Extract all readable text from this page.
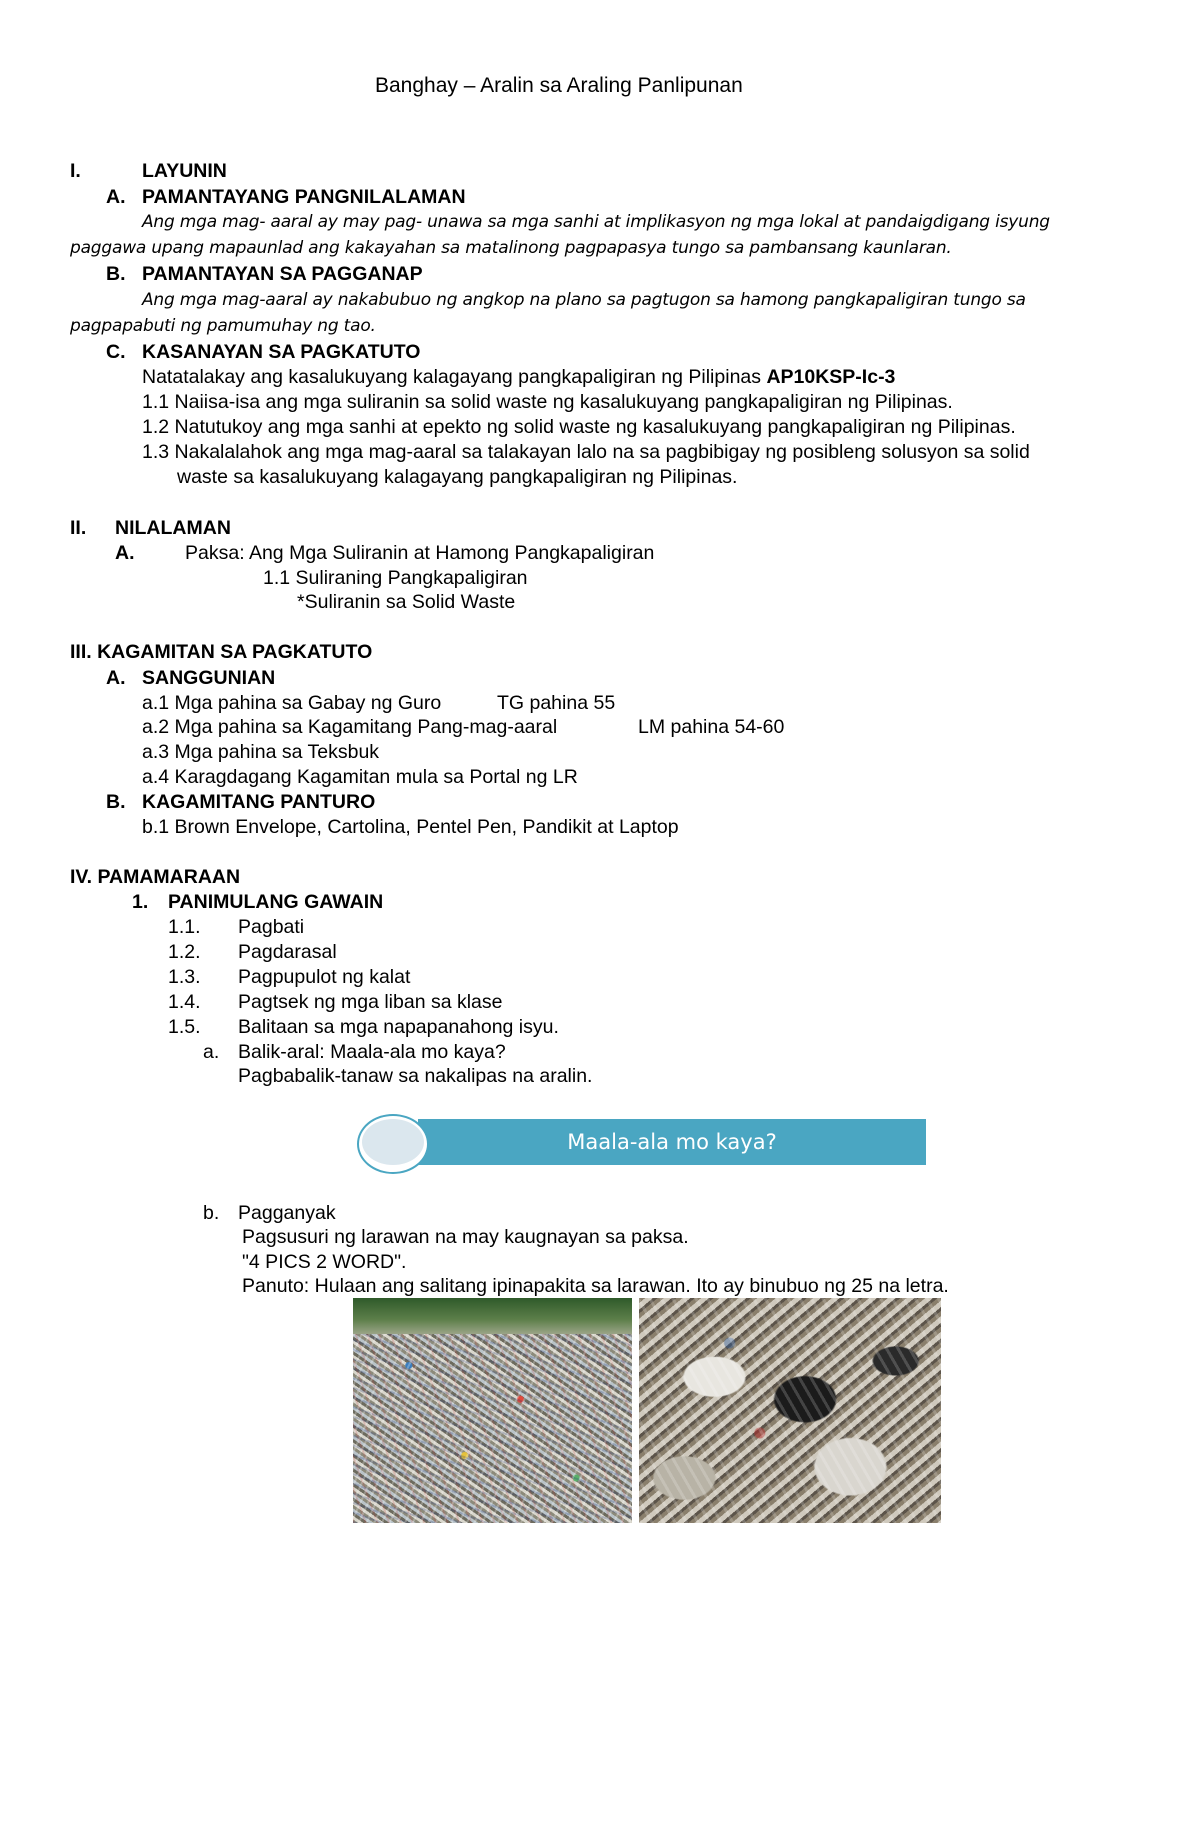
Banghay – Aralin sa Araling Panlipunan
I.	LAYUNIN
A. PAMANTAYANG PANGNILALAMAN
Ang mga mag- aaral ay may pag- unawa sa mga sanhi at implikasyon ng mga lokal at pandaigdigang isyung
paggawa upang mapaunlad ang kakayahan sa matalinong pagpapasya tungo sa pambansang kaunlaran.
B. PAMANTAYAN SA PAGGANAP
Ang mga mag-aaral ay nakabubuo ng angkop na plano sa pagtugon sa hamong pangkapaligiran tungo sa
pagpapabuti ng pamumuhay ng tao.
C. KASANAYAN SA PAGKATUTO
Natatalakay ang kasalukuyang kalagayang pangkapaligiran ng Pilipinas AP10KSP-Ic-3
1.1 Naiisa-isa ang mga suliranin sa solid waste ng kasalukuyang pangkapaligiran ng Pilipinas.
1.2 Natutukoy ang mga sanhi at epekto ng solid waste ng kasalukuyang pangkapaligiran ng Pilipinas.
1.3 Nakalalahok ang mga mag-aaral sa talakayan lalo na sa pagbibigay ng posibleng solusyon sa solid
waste sa kasalukuyang kalagayang pangkapaligiran ng Pilipinas.
II. NILALAMAN
A.	Paksa: Ang Mga Suliranin at Hamong Pangkapaligiran
1.1 Suliraning Pangkapaligiran
*Suliranin sa Solid Waste
III. KAGAMITAN SA PAGKATUTO
A. SANGGUNIAN
a.1 Mga pahina sa Gabay ng Guro	TG pahina 55
a.2 Mga pahina sa Kagamitang Pang-mag-aaral	LM pahina 54-60
a.3 Mga pahina sa Teksbuk
a.4 Karagdagang Kagamitan mula sa Portal ng LR
B. KAGAMITANG PANTURO
b.1 Brown Envelope, Cartolina, Pentel Pen, Pandikit at Laptop
IV. PAMAMARAAN
1. PANIMULANG GAWAIN
1.1. Pagbati
1.2. Pagdarasal
1.3. Pagpupulot ng kalat
1.4. Pagtsek ng mga liban sa klase
1.5. Balitaan sa mga napapanahong isyu.
a. Balik-aral: Maala-ala mo kaya?
Pagbabalik-tanaw sa nakalipas na aralin.
Maala-ala mo kaya?
b. Pagganyak
Pagsusuri ng larawan na may kaugnayan sa paksa.
"4 PICS 2 WORD".
Panuto: Hulaan ang salitang ipinapakita sa larawan. Ito ay binubuo ng 25 na letra.
